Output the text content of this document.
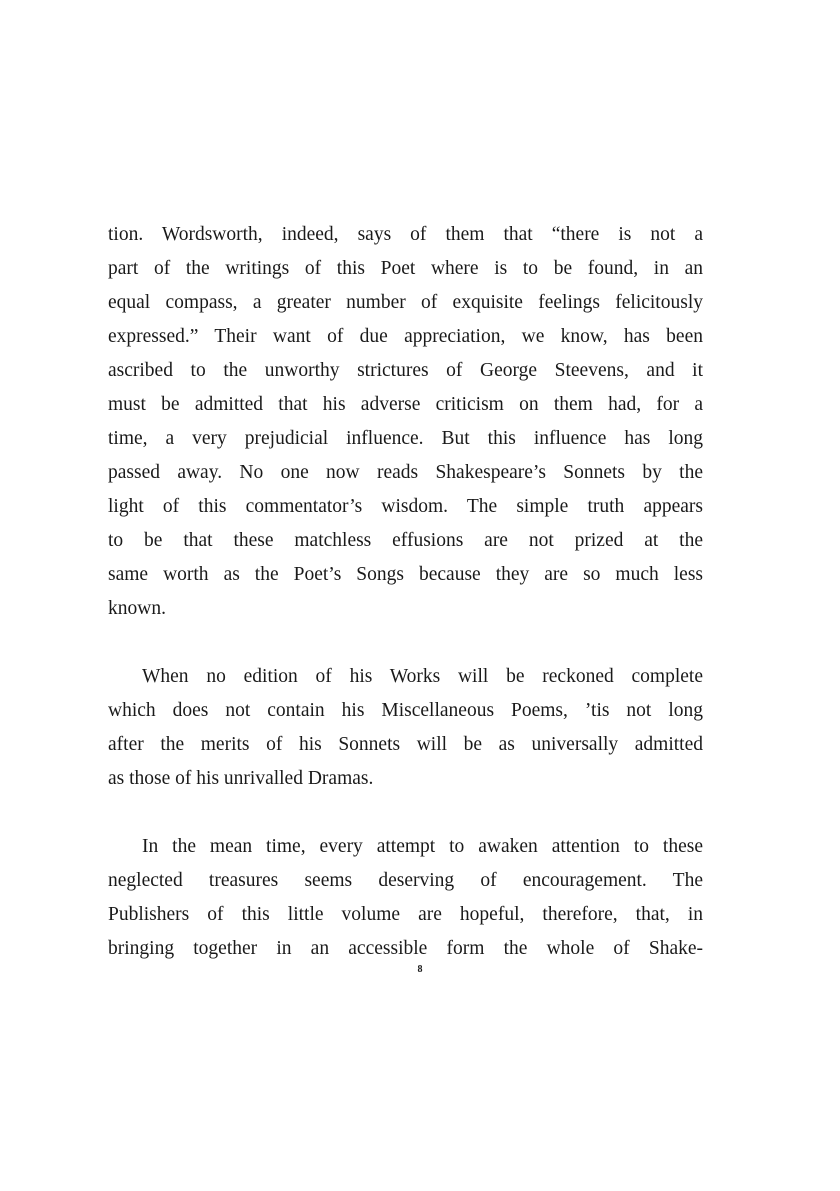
tion. Wordsworth, indeed, says of them that “there is not a
part of the writings of this Poet where is to be found, in an
equal compass, a greater number of exquisite feelings felicitously
expressed.” Their want of due appreciation, we know, has been
ascribed to the unworthy strictures of George Steevens, and it
must be admitted that his adverse criticism on them had, for a
time, a very prejudicial influence. But this influence has long
passed away. No one now reads Shakespeare’s Sonnets by the
light of this commentator’s wisdom. The simple truth appears
to be that these matchless effusions are not prized at the
same worth as the Poet’s Songs because they are so much less
known.
When no edition of his Works will be reckoned complete
which does not contain his Miscellaneous Poems, ’tis not long
after the merits of his Sonnets will be as universally admitted
as those of his unrivalled Dramas.
In the mean time, every attempt to awaken attention to these
neglected treasures seems deserving of encouragement. The
Publishers of this little volume are hopeful, therefore, that, in
bringing together in an accessible form the whole of Shake-
8
